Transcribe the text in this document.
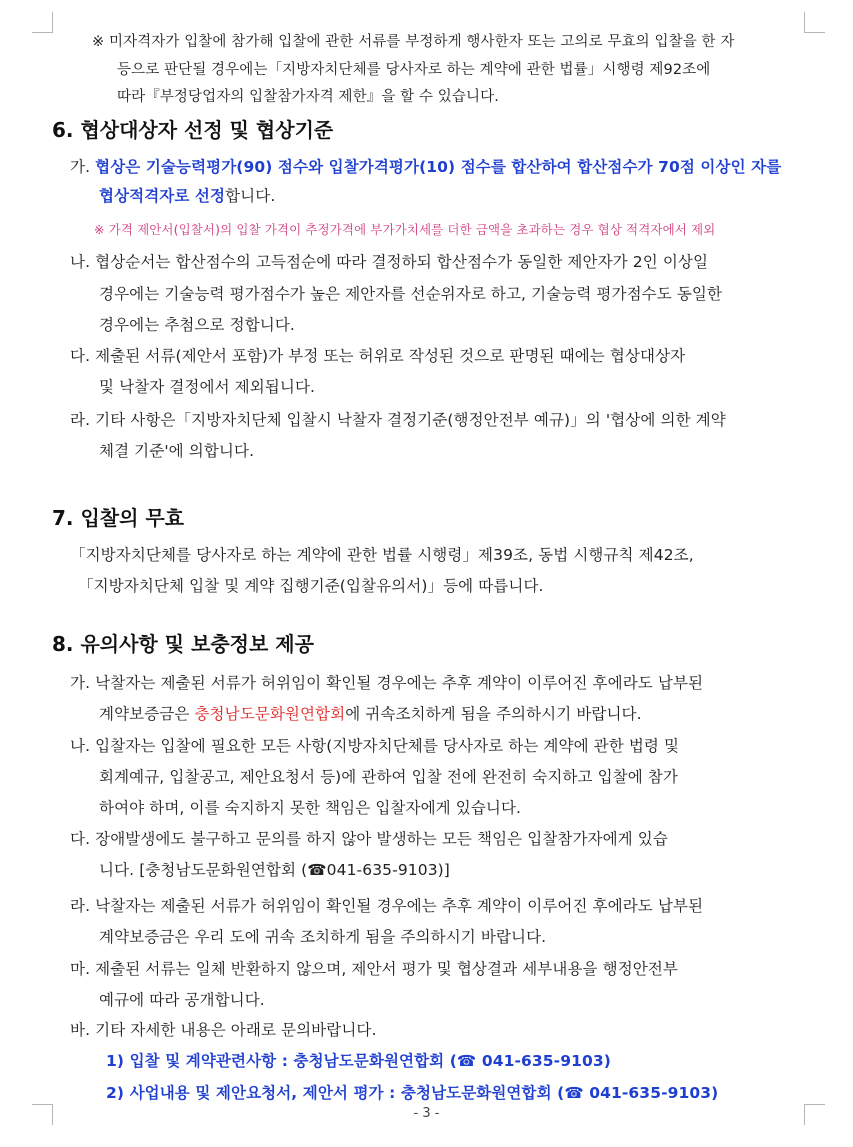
※ 미자격자가 입찰에 참가해 입찰에 관한 서류를 부정하게 행사한자 또는 고의로 무효의 입찰을 한 자
등으로 판단될 경우에는「지방자치단체를 당사자로 하는 계약에 관한 법률」시행령 제92조에
따라『부정당업자의 입찰참가자격 제한』을 할 수 있습니다.
6. 협상대상자 선정 및 협상기준
가. 협상은 기술능력평가(90) 점수와 입찰가격평가(10) 점수를 합산하여 합산점수가 70점 이상인 자를
협상적격자로 선정합니다.
※ 가격 제안서(입찰서)의 입찰 가격이 추정가격에 부가가치세를 더한 금액을 초과하는 경우 협상 적격자에서 제외
나. 협상순서는 합산점수의 고득점순에 따라 결정하되 합산점수가 동일한 제안자가 2인 이상일
경우에는 기술능력 평가점수가 높은 제안자를 선순위자로 하고, 기술능력 평가점수도 동일한
경우에는 추첨으로 정합니다.
다. 제출된 서류(제안서 포함)가 부정 또는 허위로 작성된 것으로 판명된 때에는 협상대상자
및 낙찰자 결정에서 제외됩니다.
라. 기타 사항은「지방자치단체 입찰시 낙찰자 결정기준(행정안전부 예규)」의 '협상에 의한 계약
체결 기준'에 의합니다.
7. 입찰의 무효
「지방자치단체를 당사자로 하는 계약에 관한 법률 시행령」제39조, 동법 시행규칙 제42조,
「지방자치단체 입찰 및 계약 집행기준(입찰유의서)」등에 따릅니다.
8. 유의사항 및 보충정보 제공
가. 낙찰자는 제출된 서류가 허위임이 확인될 경우에는 추후 계약이 이루어진 후에라도 납부된
계약보증금은 충청남도문화원연합회에 귀속조치하게 됨을 주의하시기 바랍니다.
나. 입찰자는 입찰에 필요한 모든 사항(지방자치단체를 당사자로 하는 계약에 관한 법령 및
회계예규, 입찰공고, 제안요청서 등)에 관하여 입찰 전에 완전히 숙지하고 입찰에 참가
하여야 하며, 이를 숙지하지 못한 책임은 입찰자에게 있습니다.
다. 장애발생에도 불구하고 문의를 하지 않아 발생하는 모든 책임은 입찰참가자에게 있습
니다. [충청남도문화원연합회 (☎041-635-9103)]
라. 낙찰자는 제출된 서류가 허위임이 확인될 경우에는 추후 계약이 이루어진 후에라도 납부된
계약보증금은 우리 도에 귀속 조치하게 됨을 주의하시기 바랍니다.
마. 제출된 서류는 일체 반환하지 않으며, 제안서 평가 및 협상결과 세부내용을 행정안전부
예규에 따라 공개합니다.
바. 기타 자세한 내용은 아래로 문의바랍니다.
1) 입찰 및 계약관련사항 : 충청남도문화원연합회 (☎ 041-635-9103)
2) 사업내용 및 제안요청서, 제안서 평가 : 충청남도문화원연합회 (☎ 041-635-9103)
- 3 -
